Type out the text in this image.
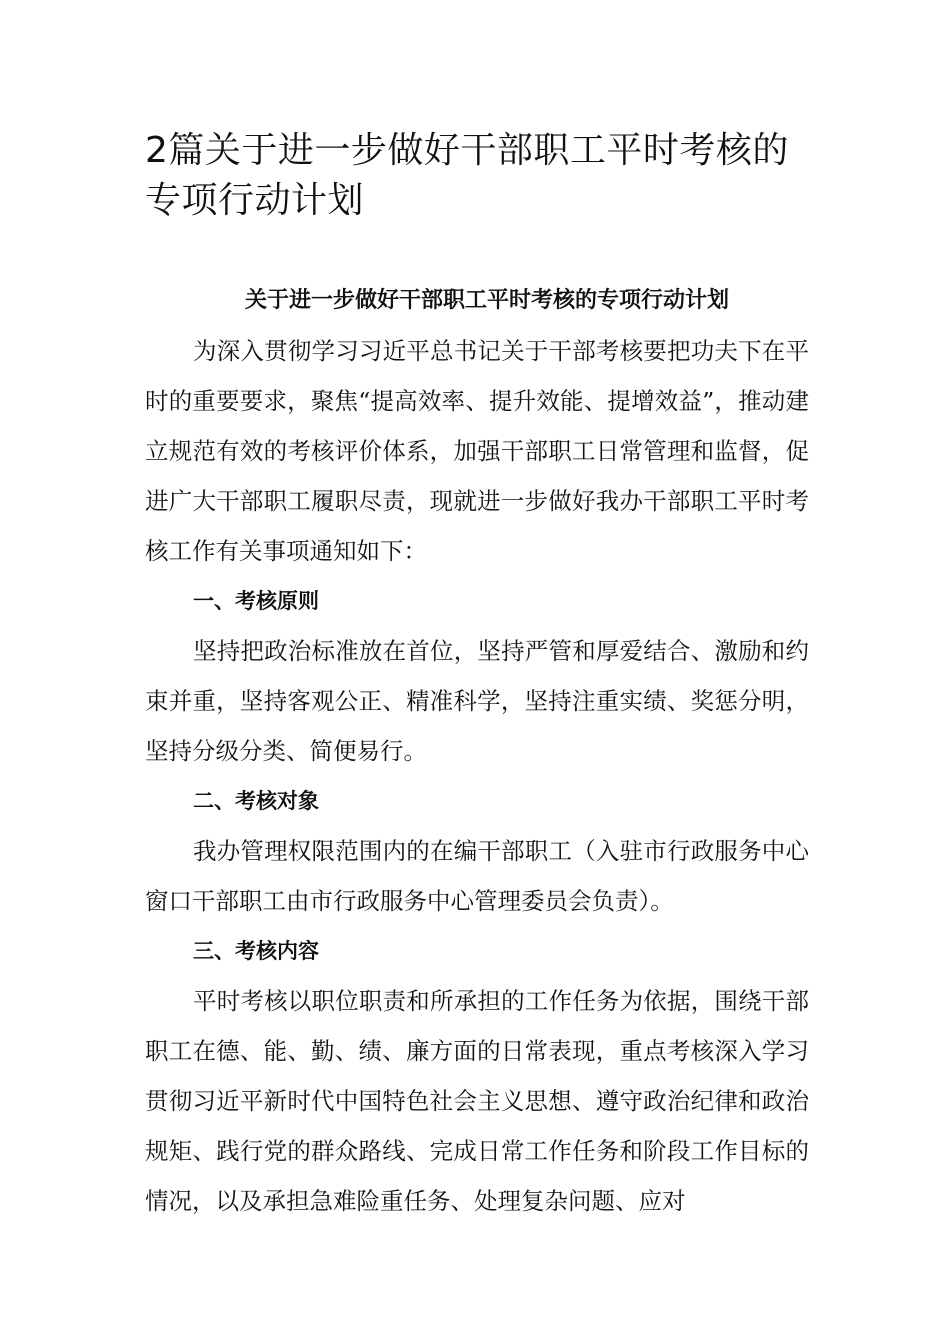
2篇关于进一步做好干部职工平时考核的专项行动计划

关于进一步做好干部职工平时考核的专项行动计划

为深入贯彻学习习近平总书记关于干部考核要把功夫下在平时的重要要求，聚焦“提高效率、提升效能、提增效益”，推动建立规范有效的考核评价体系，加强干部职工日常管理和监督，促进广大干部职工履职尽责，现就进一步做好我办干部职工平时考核工作有关事项通知如下：

一、考核原则

坚持把政治标准放在首位，坚持严管和厚爱结合、激励和约束并重，坚持客观公正、精准科学，坚持注重实绩、奖惩分明，坚持分级分类、简便易行。

二、考核对象

我办管理权限范围内的在编干部职工（入驻市行政服务中心窗口干部职工由市行政服务中心管理委员会负责）。

三、考核内容

平时考核以职位职责和所承担的工作任务为依据，围绕干部职工在德、能、勤、绩、廉方面的日常表现，重点考核深入学习贯彻习近平新时代中国特色社会主义思想、遵守政治纪律和政治规矩、践行党的群众路线、完成日常工作任务和阶段工作目标的情况，以及承担急难险重任务、处理复杂问题、应对
